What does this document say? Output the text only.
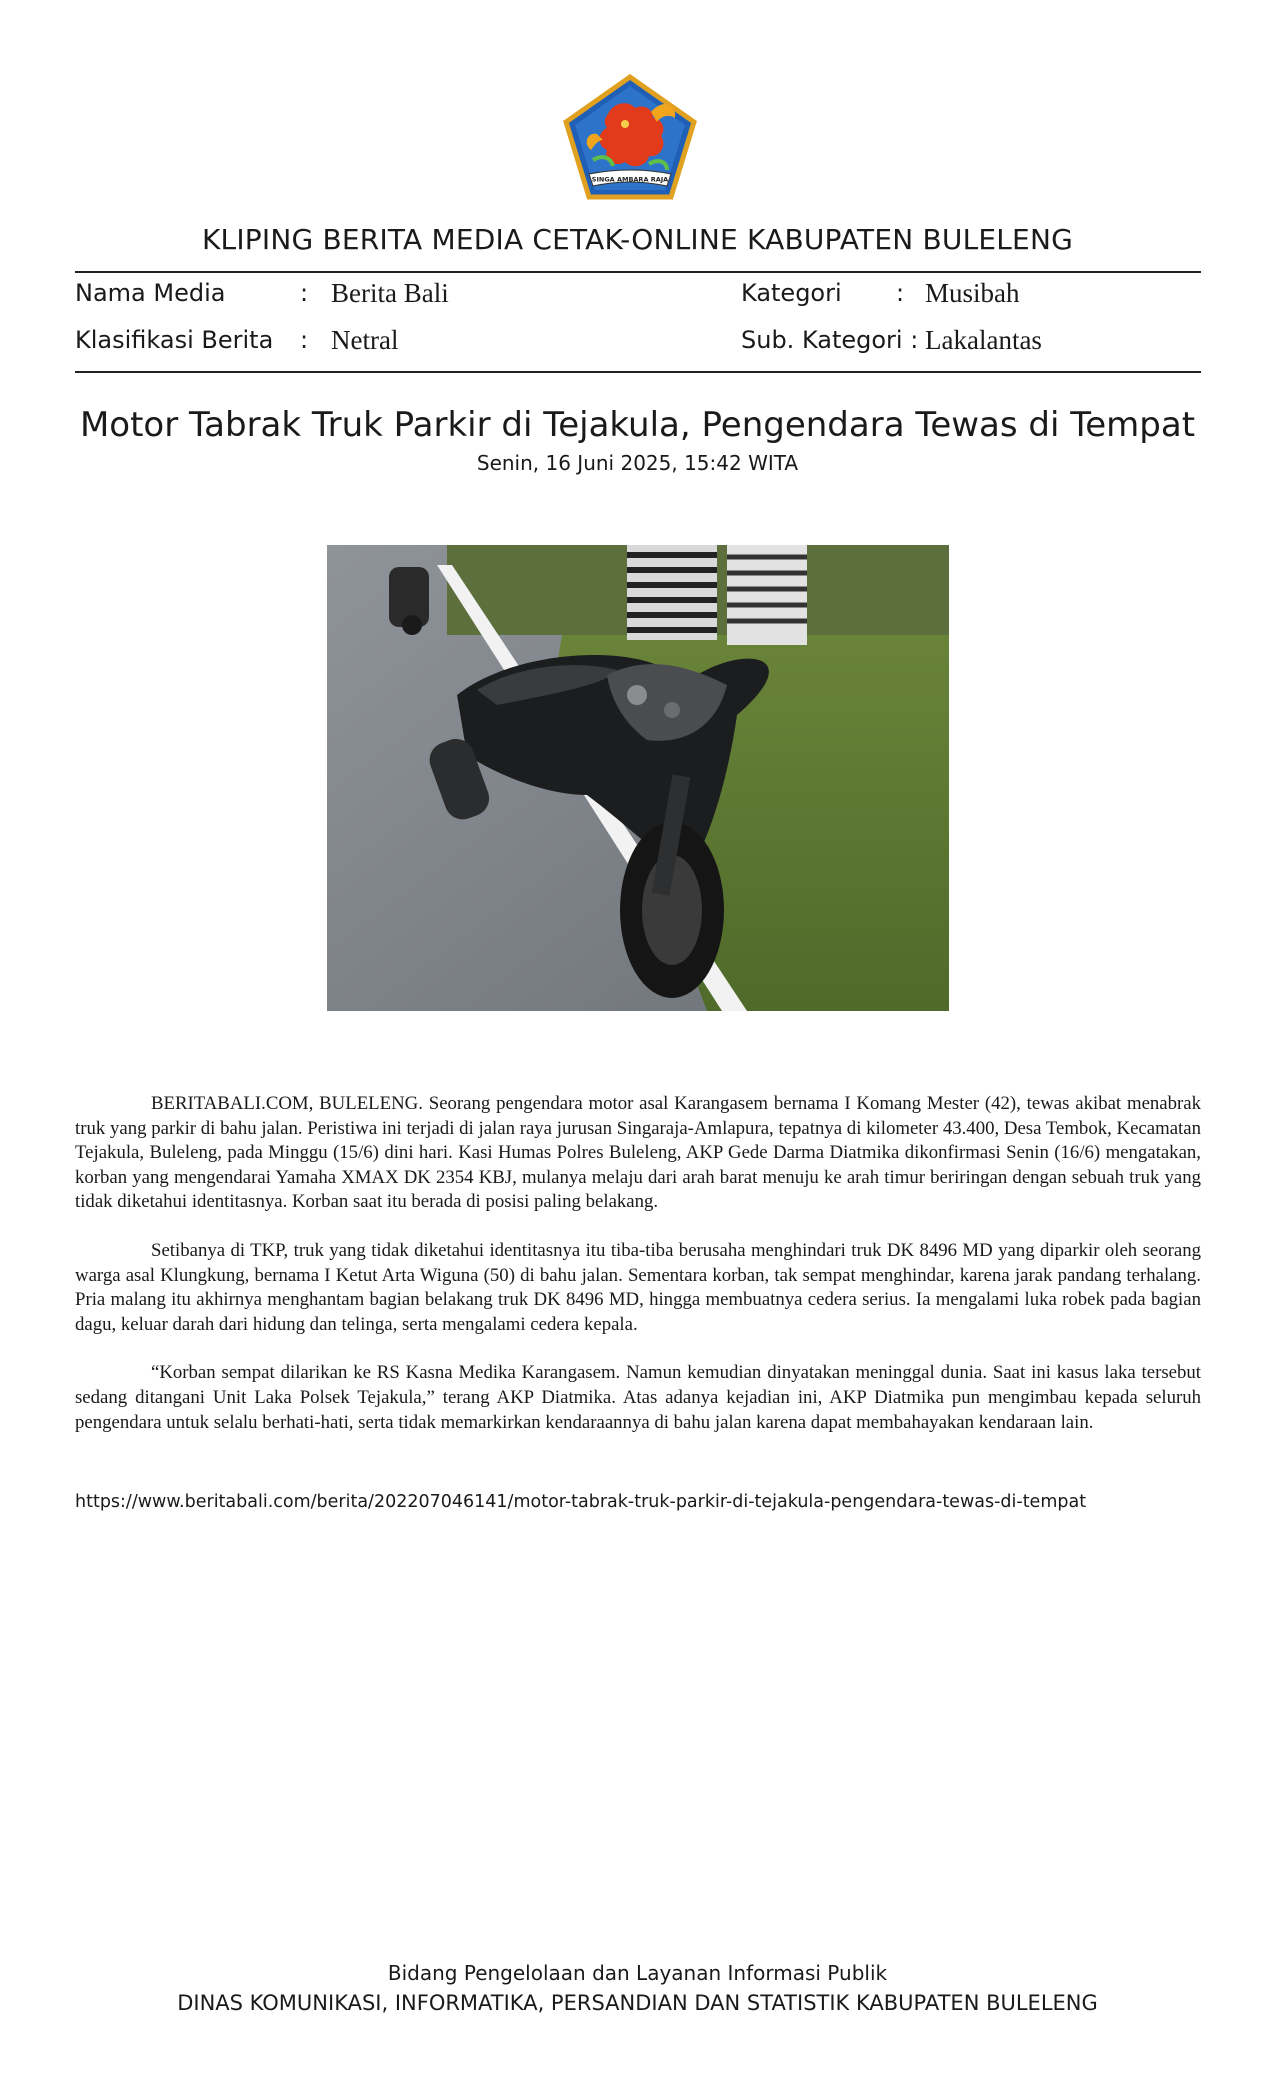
SINGA AMBARA RAJA
KLIPING BERITA MEDIA CETAK-ONLINE KABUPATEN BULELENG
Nama Media	: Berita Bali	Kategori : Musibah
Klasifikasi Berita : Netral	Sub. Kategori : Lakalantas
Motor Tabrak Truk Parkir di Tejakula, Pengendara Tewas di Tempat
Senin, 16 Juni 2025, 15:42 WITA

BERITABALI.COM, BULELENG. Seorang pengendara motor asal Karangasem bernama I Komang Mester (42), tewas akibat menabrak truk yang parkir di bahu jalan. Peristiwa ini terjadi di jalan raya jurusan Singaraja-Amlapura, tepatnya di kilometer 43.400, Desa Tembok, Kecamatan Tejakula, Buleleng, pada Minggu (15/6) dini hari. Kasi Humas Polres Buleleng, AKP Gede Darma Diatmika dikonfirmasi Senin (16/6) mengatakan, korban yang mengendarai Yamaha XMAX DK 2354 KBJ, mulanya melaju dari arah barat menuju ke arah timur beriringan dengan sebuah truk yang tidak diketahui identitasnya. Korban saat itu berada di posisi paling belakang.

Setibanya di TKP, truk yang tidak diketahui identitasnya itu tiba-tiba berusaha menghindari truk DK 8496 MD yang diparkir oleh seorang warga asal Klungkung, bernama I Ketut Arta Wiguna (50) di bahu jalan. Sementara korban, tak sempat menghindar, karena jarak pandang terhalang. Pria malang itu akhirnya menghantam bagian belakang truk DK 8496 MD, hingga membuatnya cedera serius. Ia mengalami luka robek pada bagian dagu, keluar darah dari hidung dan telinga, serta mengalami cedera kepala.

“Korban sempat dilarikan ke RS Kasna Medika Karangasem. Namun kemudian dinyatakan meninggal dunia. Saat ini kasus laka tersebut sedang ditangani Unit Laka Polsek Tejakula,” terang AKP Diatmika. Atas adanya kejadian ini, AKP Diatmika pun mengimbau kepada seluruh pengendara untuk selalu berhati-hati, serta tidak memarkirkan kendaraannya di bahu jalan karena dapat membahayakan kendaraan lain.

https://www.beritabali.com/berita/202207046141/motor-tabrak-truk-parkir-di-tejakula-pengendara-tewas-di-tempat
Bidang Pengelolaan dan Layanan Informasi Publik
DINAS KOMUNIKASI, INFORMATIKA, PERSANDIAN DAN STATISTIK KABUPATEN BULELENG
